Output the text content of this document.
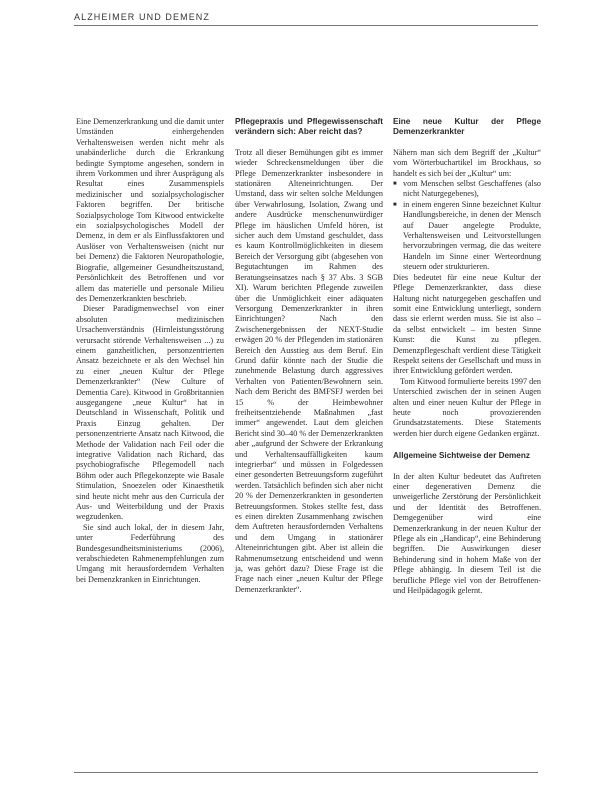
ALZHEIMER UND DEMENZ

Eine Demenzerkrankung und die damit unter Umständen einhergehenden Verhaltensweisen werden nicht mehr als unabänderliche durch die Erkrankung bedingte Symptome angesehen, sondern in ihrem Vorkommen und ihrer Ausprägung als Resultat eines Zusammenspiels medizinischer und sozialpsychologischer Faktoren begriffen. Der britische Sozialpsychologe Tom Kitwood entwickelte ein sozialpsychologisches Modell der Demenz, in dem er als Einflussfaktoren und Auslöser von Verhaltensweisen (nicht nur bei Demenz) die Faktoren Neuropathologie, Biografie, allgemeiner Gesundheitszustand, Persönlichkeit des Betroffenen und vor allem das materielle und personale Milieu des Demenzerkrankten beschrieb.

Dieser Paradigmenwechsel von einer absoluten medizinischen Ursachenverständnis (Hirnleistungsstörung verursacht störende Verhaltensweisen ...) zu einem ganzheitlichen, personzentrierten Ansatz bezeichnete er als den Wechsel hin zu einer „neuen Kultur der Pflege Demenzerkrankter“ (New Culture of Dementia Care). Kitwood in Großbritannien ausgegangene „neue Kultur“ hat in Deutschland in Wissenschaft, Politik und Praxis Einzug gehalten. Der personenzentrierte Ansatz nach Kitwood, die Methode der Validation nach Feil oder die integrative Validation nach Richard, das psychobiografische Pflegemodell nach Böhm oder auch Pflegekonzepte wie Basale Stimulation, Snoezelen oder Kinaesthetik sind heute nicht mehr aus den Curricula der Aus- und Weiterbildung und der Praxis wegzudenken.

Sie sind auch lokal, der in diesem Jahr, unter Federführung des Bundesgesundheitsministeriums (2006), verabschiedeten Rahmenempfehlungen zum Umgang mit herausforderndem Verhalten bei Demenzkranken in Einrichtungen.

Pflegepraxis und Pflegewissenschaft verändern sich: Aber reicht das?

Trotz all dieser Bemühungen gibt es immer wieder Schreckensmeldungen über die Pflege Demenzerkrankter insbesondere in stationären Alteneinrichtungen. Der Umstand, dass wir selten solche Meldungen über Verwahrlosung, Isolation, Zwang und andere Ausdrücke menschenunwürdiger Pflege im häuslichen Umfeld hören, ist sicher auch dem Umstand geschuldet, dass es kaum Kontrollmöglichkeiten in diesem Bereich der Versorgung gibt (abgesehen von Begutachtungen im Rahmen des Beratungseinsatzes nach § 37 Abs. 3 SGB XI). Warum berichten Pflegende zuweilen über die Unmöglichkeit einer adäquaten Versorgung Demenzerkrankter in ihren Einrichtungen? Nach den Zwischenergebnissen der NEXT-Studie erwägen 20 % der Pflegenden im stationären Bereich den Ausstieg aus dem Beruf. Ein Grund dafür könnte nach der Studie die zunehmende Belastung durch aggressives Verhalten von Patienten/Bewohnern sein. Nach dem Bericht des BMFSFJ werden bei 15 % der Heimbewohner freiheitsentziehende Maßnahmen „fast immer“ angewendet. Laut dem gleichen Bericht sind 30–40 % der Demenzerkrankten aber „aufgrund der Schwere der Erkrankung und Verhaltensauffälligkeiten kaum integrierbar“ und müssen in Folgedessen einer gesonderten Betreuungsform zugeführt werden. Tatsächlich befinden sich aber nicht 20 % der Demenzerkrankten in gesonderten Betreuungsformen. Stokes stellte fest, dass es einen direkten Zusammenhang zwischen dem Auftreten herausfordernden Verhaltens und dem Umgang in stationärer Alteneinrichtungen gibt. Aber ist allein die Rahmenumsetzung entscheidend und wenn ja, was gehört dazu? Diese Frage ist die Frage nach einer „neuen Kultur der Pflege Demenzerkrankter“.

Eine neue Kultur der Pflege Demenzerkrankter

Nähern man sich dem Begriff der „Kultur“ vom Wörterbuchartikel im Brockhaus, so handelt es sich bei der „Kultur“ um:

■ vom Menschen selbst Geschaffenes (also nicht Naturgegebenes),
■ in einem engeren Sinne bezeichnet Kultur Handlungsbereiche, in denen der Mensch auf Dauer angelegte Produkte, Verhaltensweisen und Leitvorstellungen hervorzubringen vermag, die das weitere Handeln im Sinne einer Werteordnung steuern oder strukturieren.

Dies bedeutet für eine neue Kultur der Pflege Demenzerkrankter, dass diese Haltung nicht naturgegeben geschaffen und somit eine Entwicklung unterliegt, sondern dass sie erlernt werden muss. Sie ist also – da selbst entwickelt – im besten Sinne Kunst: die Kunst zu pflegen. Demenzpflegeschaft verdient diese Tätigkeit Respekt seitens der Gesellschaft und muss in ihrer Entwicklung gefördert werden.

Tom Kitwood formulierte bereits 1997 den Unterschied zwischen der in seinen Augen alten und einer neuen Kultur der Pflege in heute noch provozierenden Grundsatzstatements. Diese Statements werden hier durch eigene Gedanken ergänzt.

Allgemeine Sichtweise der Demenz

In der alten Kultur bedeutet das Auftreten einer degenerativen Demenz die unweigerliche Zerstörung der Persönlichkeit und der Identität des Betroffenen. Demgegenüber wird eine Demenzerkrankung in der neuen Kultur der Pflege als ein „Handicap“, eine Behinderung begriffen. Die Auswirkungen dieser Behinderung sind in hohem Maße von der Pflege abhängig. In diesem Teil ist die berufliche Pflege viel von der Betroffenen- und Heilpädagogik gelernt.
